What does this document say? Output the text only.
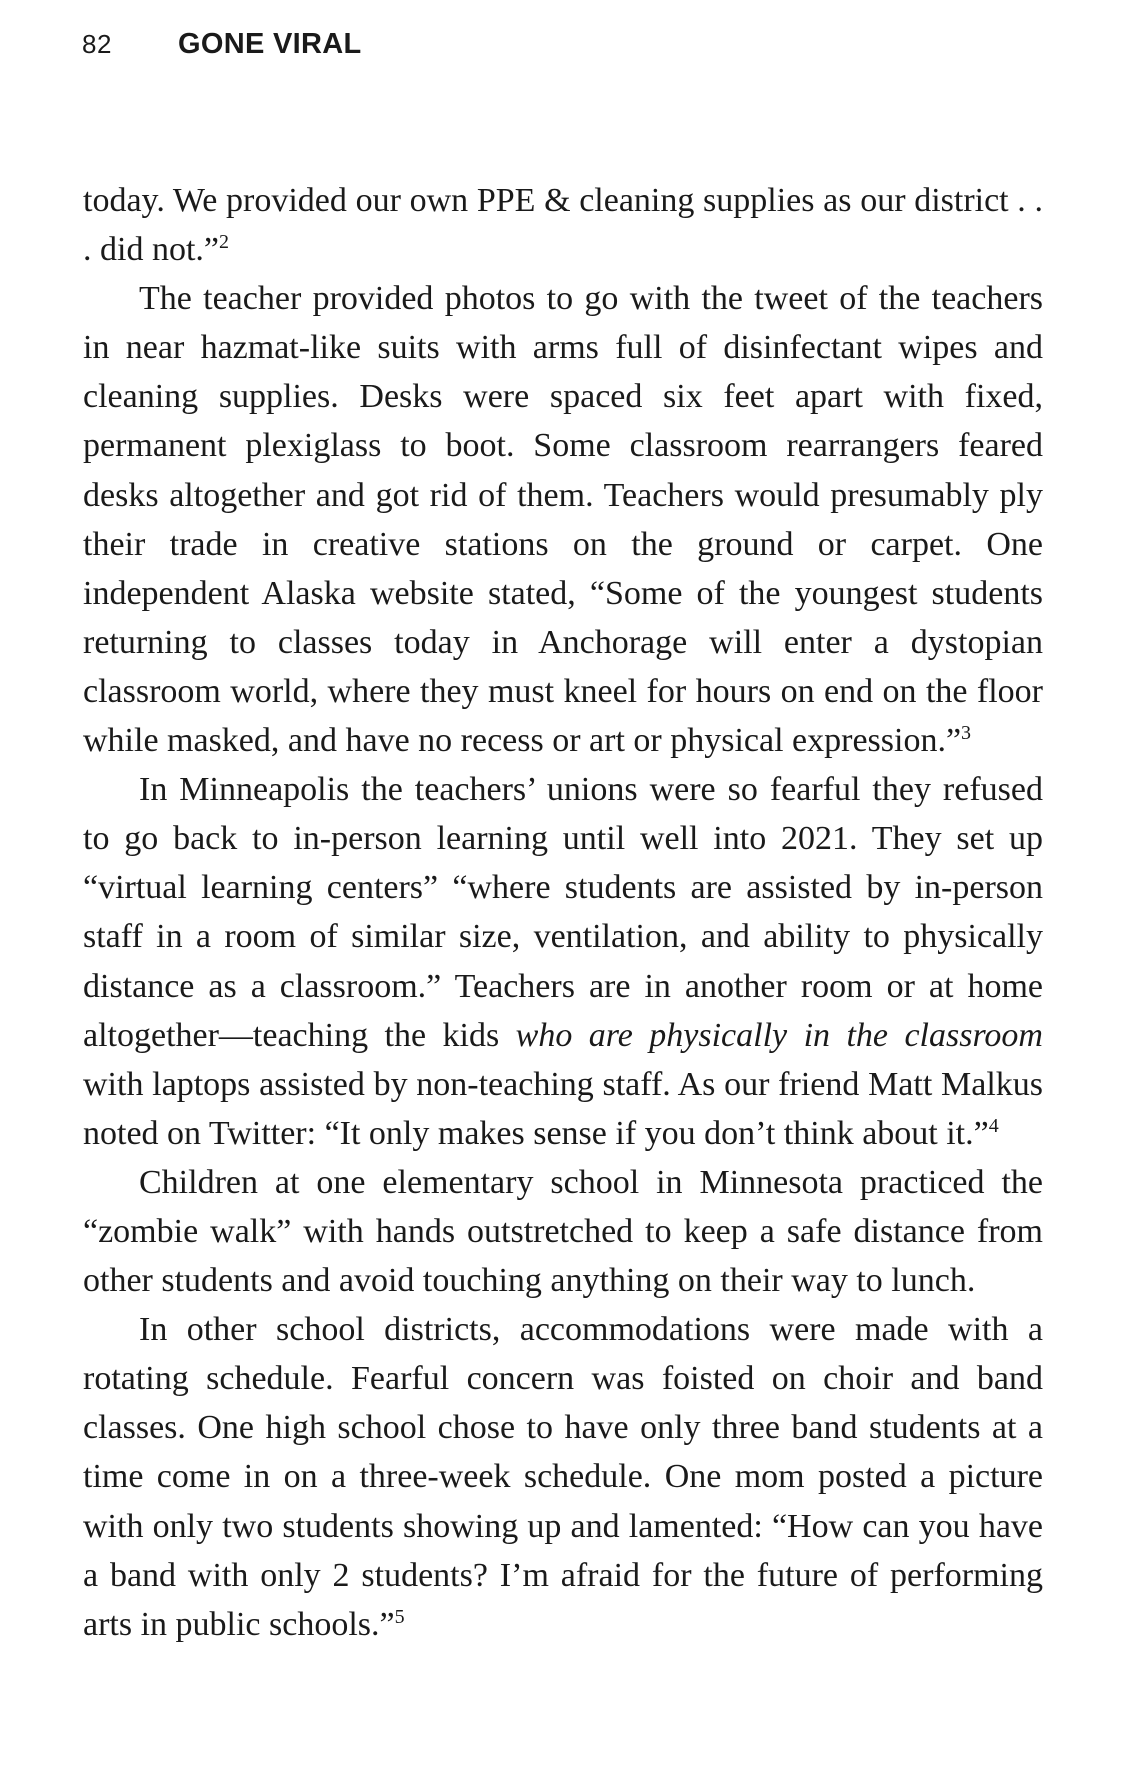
82	GONE VIRAL

today. We provided our own PPE & cleaning supplies as our district . . . did not.”$^2$

The teacher provided photos to go with the tweet of the teachers in near hazmat-like suits with arms full of disinfectant wipes and cleaning supplies. Desks were spaced six feet apart with fixed, permanent plexiglass to boot. Some classroom rearrangers feared desks altogether and got rid of them. Teachers would presumably ply their trade in creative stations on the ground or carpet. One independent Alaska website stated, “Some of the youngest students returning to classes today in Anchorage will enter a dystopian classroom world, where they must kneel for hours on end on the floor while masked, and have no recess or art or physical expression.”$^3$

In Minneapolis the teachers’ unions were so fearful they refused to go back to in-person learning until well into 2021. They set up “virtual learning centers” “where students are assisted by in-person staff in a room of similar size, ventilation, and ability to physically distance as a classroom.” Teachers are in another room or at home altogether—teaching the kids who are physically in the classroom with laptops assisted by non-teaching staff. As our friend Matt Malkus noted on Twitter: “It only makes sense if you don’t think about it.”$^4$

Children at one elementary school in Minnesota practiced the “zombie walk” with hands outstretched to keep a safe distance from other students and avoid touching anything on their way to lunch.

In other school districts, accommodations were made with a rotating schedule. Fearful concern was foisted on choir and band classes. One high school chose to have only three band students at a time come in on a three-week schedule. One mom posted a picture with only two students showing up and lamented: “How can you have a band with only 2 students? I’m afraid for the future of performing arts in public schools.”$^5$
